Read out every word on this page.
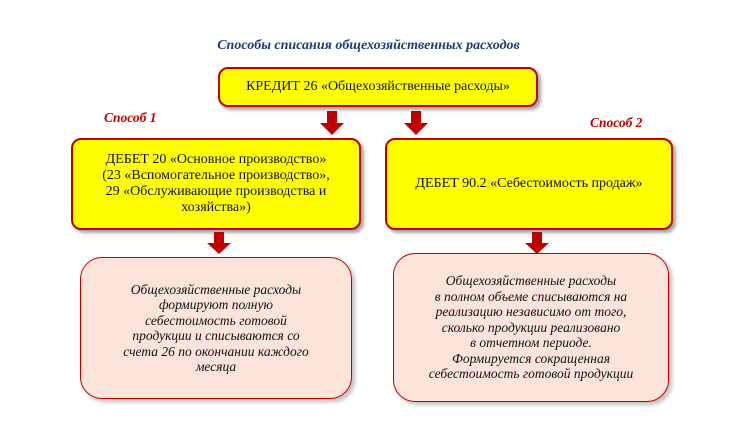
Способы списания общехозяйственных расходов
КРЕДИТ 26 «Общехозяйственные расходы»
Способ 1	Способ 2
ДЕБЕТ 20 «Основное производство»
(23 «Вспомогательное производство»,
29 «Обслуживающие производства и
хозяйства»)
ДЕБЕТ 90.2 «Себестоимость продаж»
Общехозяйственные расходы
формируют полную
себестоимость готовой
продукции и списываются со
счета 26 по окончании каждого
месяца
Общехозяйственные расходы
в полном объеме списываются на
реализацию независимо от того,
сколько продукции реализовано
в отчетном периоде.
Формируется сокращенная
себестоимость готовой продукции
